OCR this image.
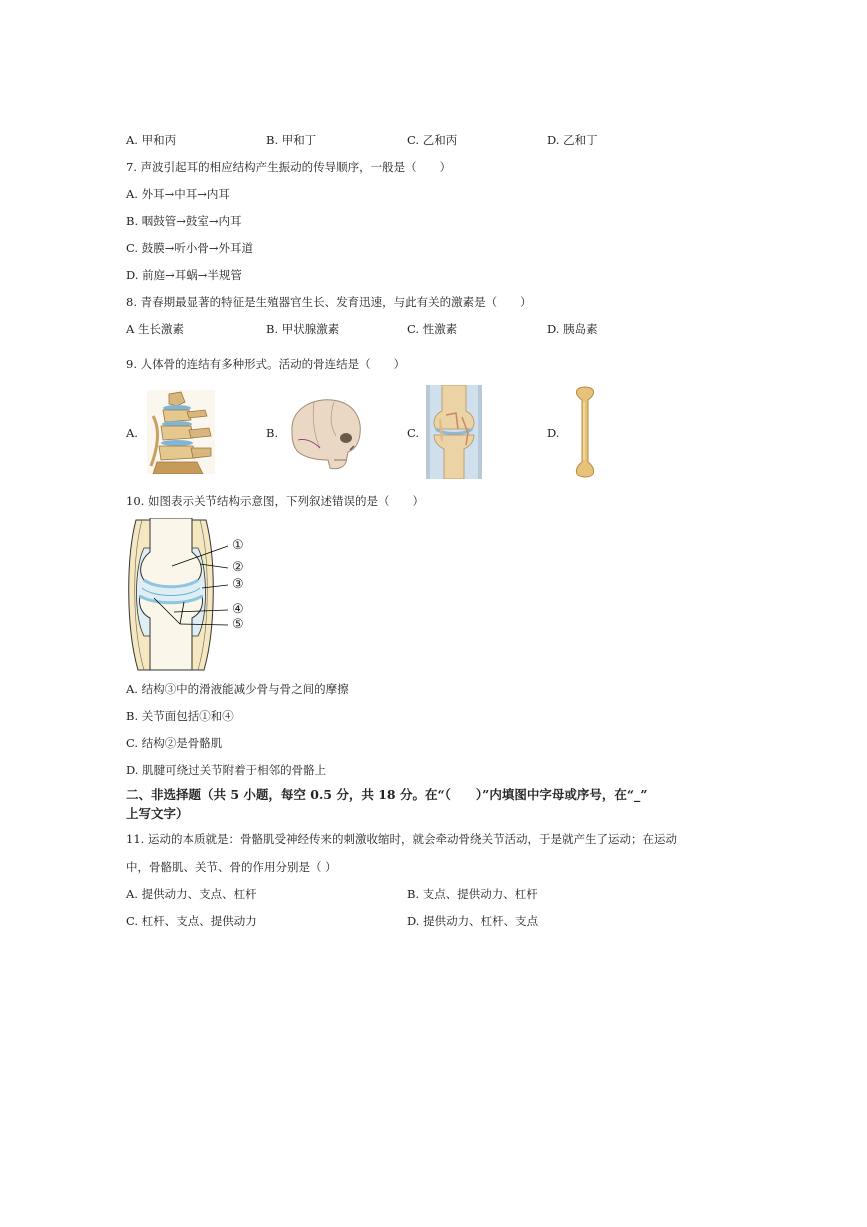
A. 甲和丙	B. 甲和丁	C. 乙和丙	D. 乙和丁
7. 声波引起耳的相应结构产生振动的传导顺序，一般是（　　）
A. 外耳→中耳→内耳
B. 咽鼓管→鼓室→内耳
C. 鼓膜→听小骨→外耳道
D. 前庭→耳蜗→半规管
8. 青春期最显著的特征是生殖器官生长、发育迅速，与此有关的激素是（　　）
A 生长激素	B. 甲状腺激素	C. 性激素	D. 胰岛素
9. 人体骨的连结有多种形式。活动的骨连结是（　　）
A.	B.	C.	D.
10. 如图表示关节结构示意图，下列叙述错误的是（　　）
①
②
③
④
⑤
A. 结构③中的滑液能减少骨与骨之间的摩擦
B. 关节面包括①和④
C. 结构②是骨骼肌
D. 肌腱可绕过关节附着于相邻的骨骼上
二、非选择题（共 5 小题，每空 0.5 分，共 18 分。在“（　　）”内填图中字母或序号，在“_”
上写文字）
11. 运动的本质就是：骨骼肌受神经传来的刺激收缩时，就会牵动骨绕关节活动，于是就产生了运动；在运动
中，骨骼肌、关节、骨的作用分别是（ ）
A. 提供动力、支点、杠杆	B. 支点、提供动力、杠杆
C. 杠杆、支点、提供动力	D. 提供动力、杠杆、支点
